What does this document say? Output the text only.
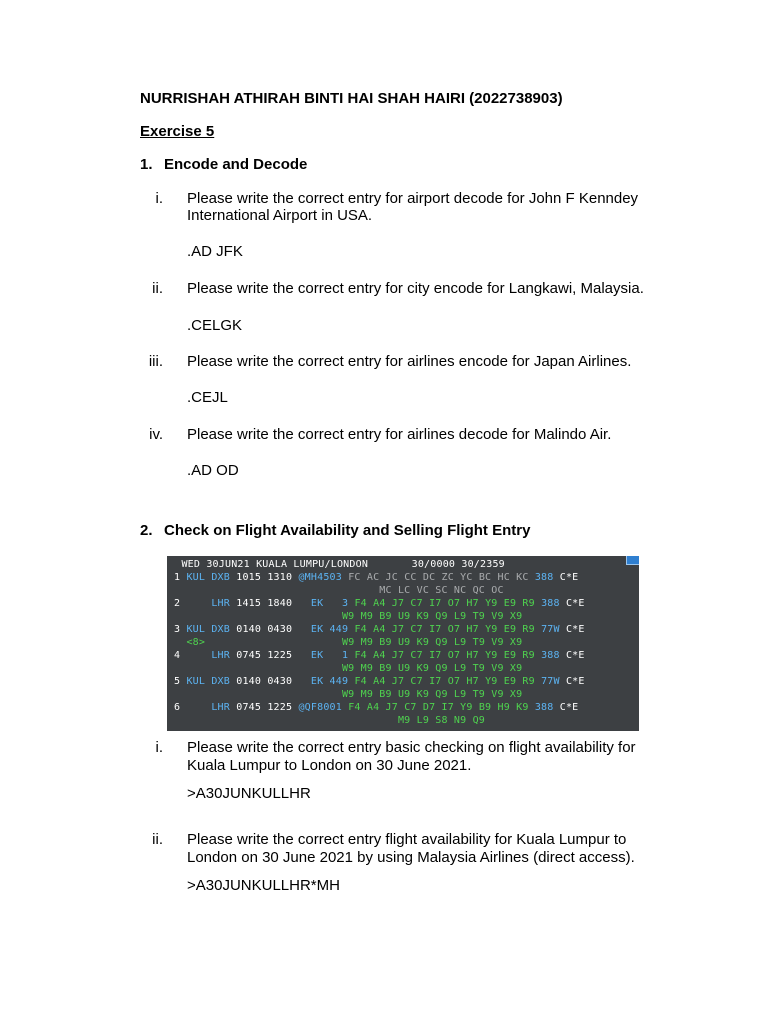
NURRISHAH ATHIRAH BINTI HAI SHAH HAIRI (2022738903)
Exercise 5
1. Encode and Decode
i. Please write the correct entry for airport decode for John F Kenndey
International Airport in USA.
.AD JFK
ii. Please write the correct entry for city encode for Langkawi, Malaysia.
.CELGK
iii. Please write the correct entry for airlines encode for Japan Airlines.
.CEJL
iv. Please write the correct entry for airlines decode for Malindo Air.
.AD OD
2. Check on Flight Availability and Selling Flight Entry
WED 30JUN21 KUALA LUMPU/LONDON       30/0000 30/2359
1 KUL DXB 1015 1310 @MH4503 FC AC JC CC DC ZC YC BC HC KC 388 C*E
MC LC VC SC NC QC OC
2     LHR 1415 1840   EK   3 F4 A4 J7 C7 I7 O7 H7 Y9 E9 R9 388 C*E
W9 M9 B9 U9 K9 Q9 L9 T9 V9 X9
3 KUL DXB 0140 0430   EK 449 F4 A4 J7 C7 I7 O7 H7 Y9 E9 R9 77W C*E
<8>                      W9 M9 B9 U9 K9 Q9 L9 T9 V9 X9
4     LHR 0745 1225   EK   1 F4 A4 J7 C7 I7 O7 H7 Y9 E9 R9 388 C*E
W9 M9 B9 U9 K9 Q9 L9 T9 V9 X9
5 KUL DXB 0140 0430   EK 449 F4 A4 J7 C7 I7 O7 H7 Y9 E9 R9 77W C*E
W9 M9 B9 U9 K9 Q9 L9 T9 V9 X9
6     LHR 0745 1225 @QF8001 F4 A4 J7 C7 D7 I7 Y9 B9 H9 K9 388 C*E
M9 L9 S8 N9 Q9
i. Please write the correct entry basic checking on flight availability for
Kuala Lumpur to London on 30 June 2021.
>A30JUNKULLHR
ii. Please write the correct entry flight availability for Kuala Lumpur to
London on 30 June 2021 by using Malaysia Airlines (direct access).
>A30JUNKULLHR*MH
